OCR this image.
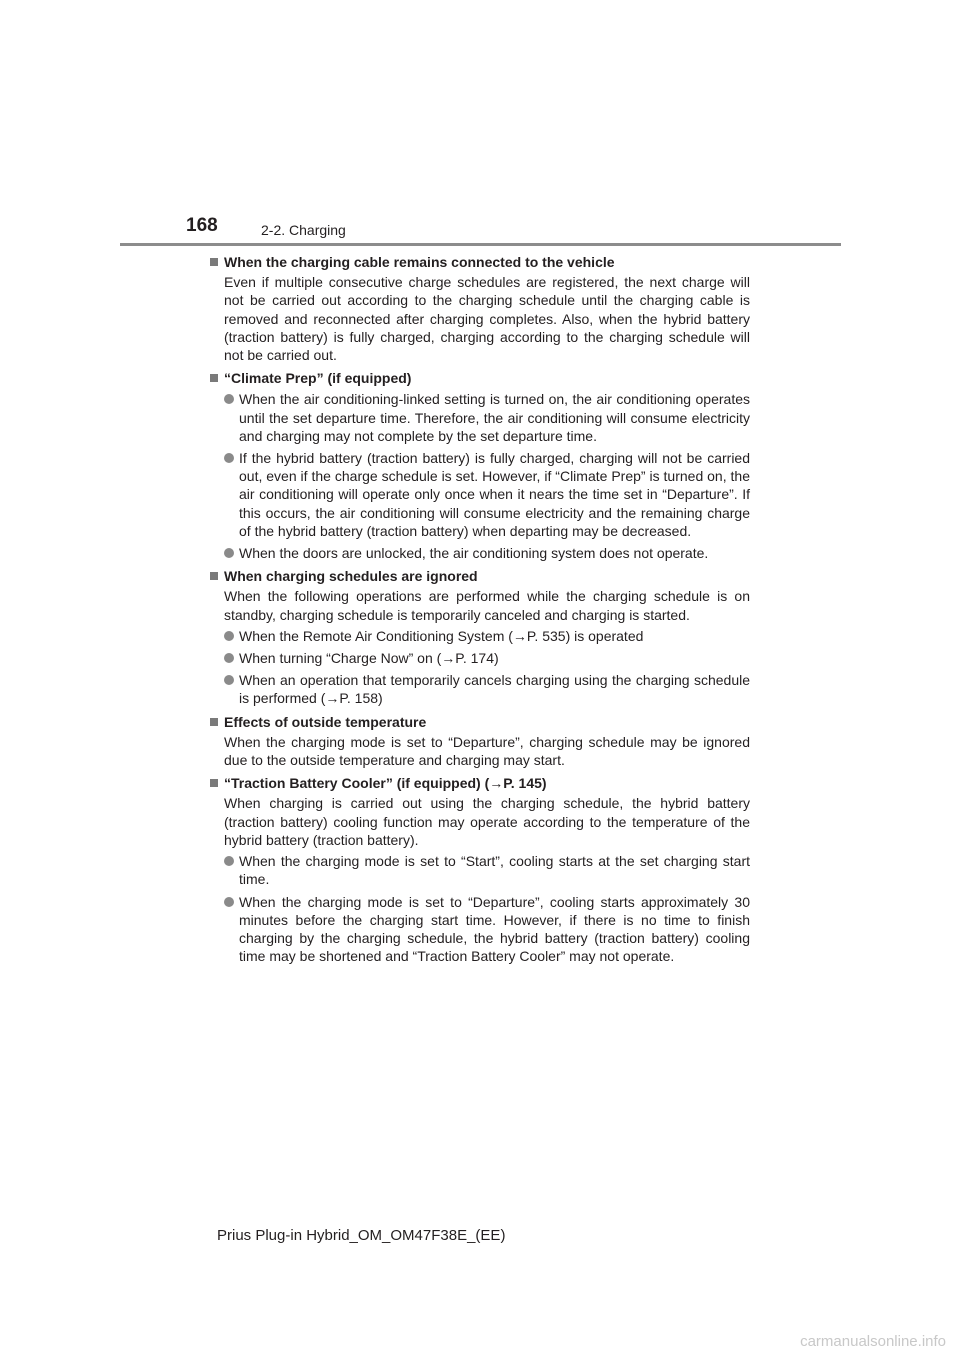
168	2-2. Charging
When the charging cable remains connected to the vehicle
Even if multiple consecutive charge schedules are registered, the next charge will not be carried out according to the charging schedule until the charging cable is removed and reconnected after charging completes. Also, when the hybrid battery (traction battery) is fully charged, charging according to the charging schedule will not be carried out.
“Climate Prep” (if equipped)
When the air conditioning-linked setting is turned on, the air conditioning operates until the set departure time. Therefore, the air conditioning will consume electricity and charging may not complete by the set departure time.
If the hybrid battery (traction battery) is fully charged, charging will not be carried out, even if the charge schedule is set. However, if “Climate Prep” is turned on, the air conditioning will operate only once when it nears the time set in “Departure”. If this occurs, the air conditioning will consume electricity and the remaining charge of the hybrid battery (traction battery) when departing may be decreased.
When the doors are unlocked, the air conditioning system does not operate.
When charging schedules are ignored
When the following operations are performed while the charging schedule is on standby, charging schedule is temporarily canceled and charging is started.
When the Remote Air Conditioning System (→P. 535) is operated
When turning “Charge Now” on (→P. 174)
When an operation that temporarily cancels charging using the charging schedule is performed (→P. 158)
Effects of outside temperature
When the charging mode is set to “Departure”, charging schedule may be ignored due to the outside temperature and charging may start.
“Traction Battery Cooler” (if equipped) (→P. 145)
When charging is carried out using the charging schedule, the hybrid battery (traction battery) cooling function may operate according to the temperature of the hybrid battery (traction battery).
When the charging mode is set to “Start”, cooling starts at the set charging start time.
When the charging mode is set to “Departure”, cooling starts approximately 30 minutes before the charging start time. However, if there is no time to finish charging by the charging schedule, the hybrid battery (traction battery) cooling time may be shortened and “Traction Battery Cooler” may not operate.
Prius Plug-in Hybrid_OM_OM47F38E_(EE)
carmanualsonline.info
